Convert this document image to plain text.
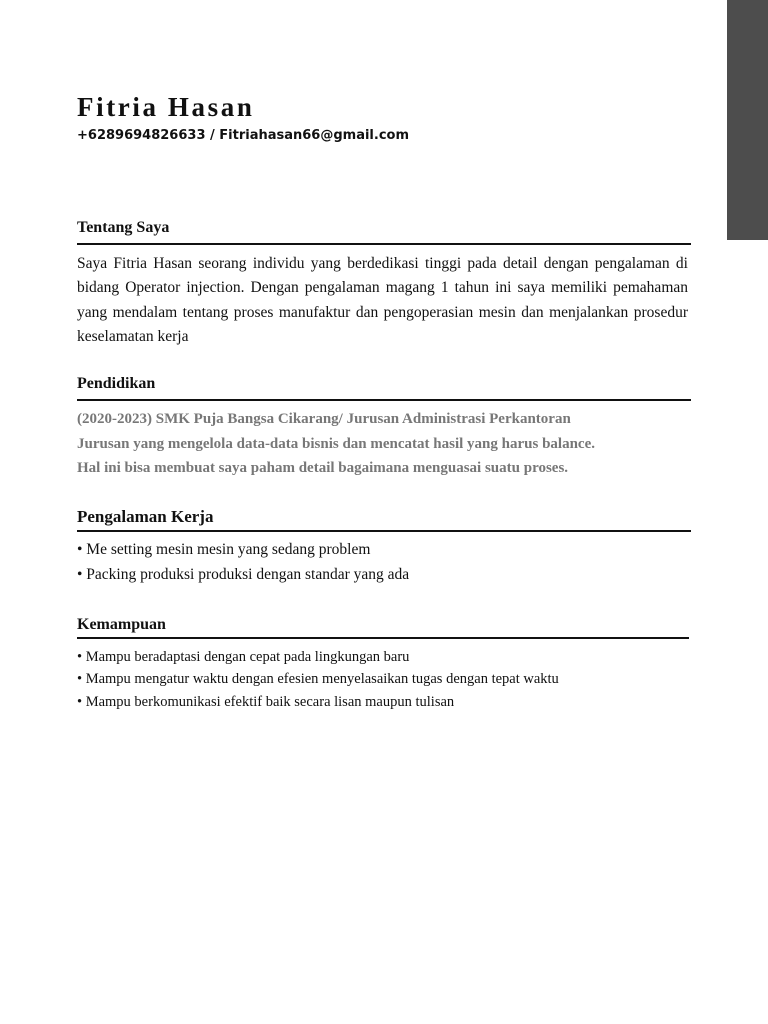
Fitria Hasan
+6289694826633 / Fitriahasan66@gmail.com
Tentang Saya

Saya Fitria Hasan seorang individu yang berdedikasi tinggi pada detail dengan pengalaman di bidang Operator injection. Dengan pengalaman magang 1 tahun ini saya memiliki pemahaman yang mendalam tentang proses manufaktur dan pengoperasian mesin dan menjalankan prosedur keselamatan kerja

Pendidikan
(2020-2023) SMK Puja Bangsa Cikarang/ Jurusan Administrasi Perkantoran
Jurusan yang mengelola data-data bisnis dan mencatat hasil yang harus balance.
Hal ini bisa membuat saya paham detail bagaimana menguasai suatu proses.
Pengalaman Kerja
• Me setting mesin mesin yang sedang problem
• Packing produksi produksi dengan standar yang ada
Kemampuan
• Mampu beradaptasi dengan cepat pada lingkungan baru
• Mampu mengatur waktu dengan efesien menyelasaikan tugas dengan tepat waktu
• Mampu berkomunikasi efektif baik secara lisan maupun tulisan
